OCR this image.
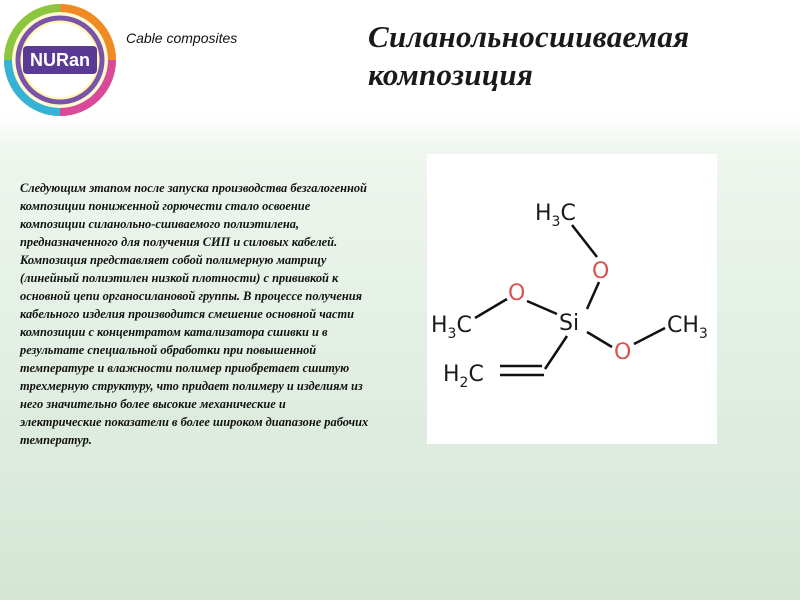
NURan
Cable composites	Силанольносшиваемая
композиция

Следующим этапом после запуска производства безгалогенной композиции пониженной горючести стало освоение композиции силанольно-сшиваемого полиэтилена, предназначенного для получения СИП и силовых кабелей. Композиция представляет собой полимерную матрицу (линейный полиэтилен низкой плотности) с прививкой к основной цепи органосилановой группы. В процессе получения кабельного изделия производится смешение основной части композиции с концентратом катализатора сшивки и в результате специальной обработки при повышенной температуре и влажности полимер приобретает сшитую трехмерную структуру, что придает полимеру и изделиям из него значительно более высокие механические и электрические показатели в более широком диапазоне рабочих температур.

$H_3C$
O
O
$H_3C$	Si
O
$CH_3$
$H_2C$
